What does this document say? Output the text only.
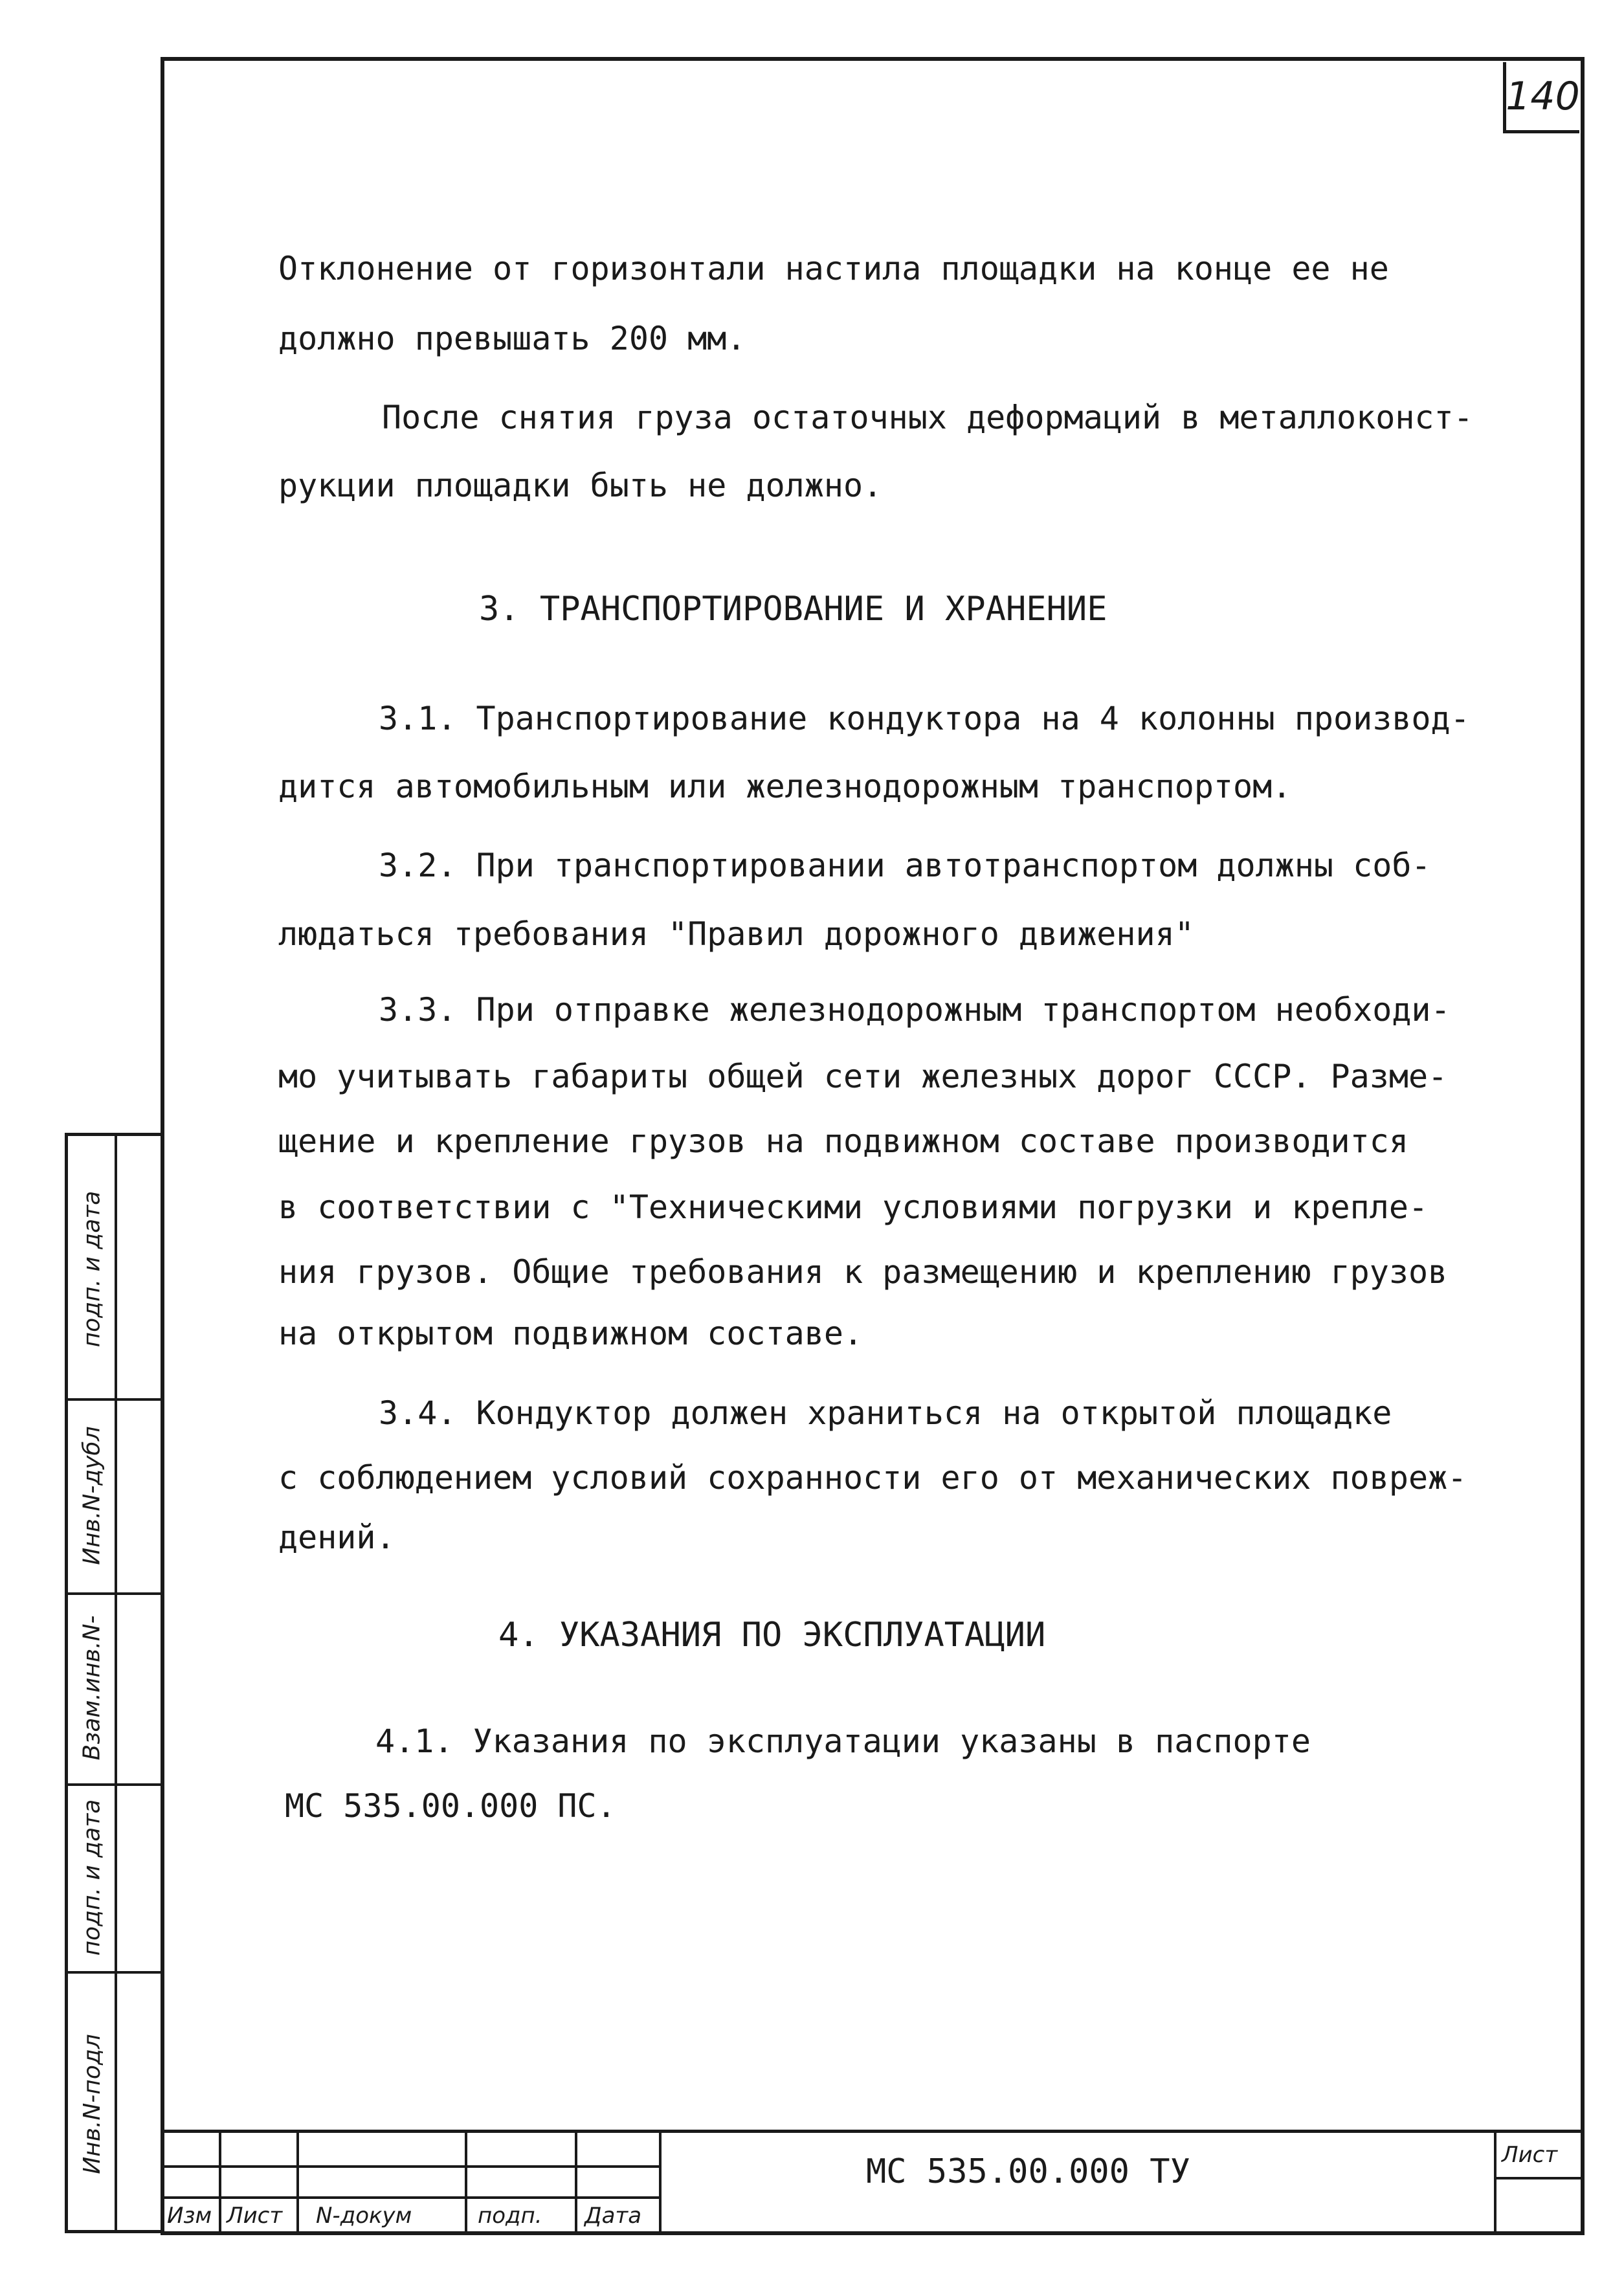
140
Отклонение от горизонтали настила площадки на конце ее не
должно превышать 200 мм.
После снятия груза остаточных деформаций в металлоконст-
рукции площадки быть не должно.
3. ТРАНСПОРТИРОВАНИЕ И ХРАНЕНИЕ
3.1. Транспортирование кондуктора на 4 колонны производ-
дится автомобильным или железнодорожным транспортом.
3.2. При транспортировании автотранспортом должны соб-
людаться требования "Правил дорожного движения"
3.3. При отправке железнодорожным транспортом необходи-
мо учитывать габариты общей сети железных дорог СССР. Разме-
щение и крепление грузов на подвижном составе производится
в соответствии с "Техническими условиями погрузки и крепле-
ния грузов. Общие требования к размещению и креплению грузов
на открытом подвижном составе.
3.4. Кондуктор должен храниться на открытой площадке
с соблюдением условий сохранности его от механических повреж-
дений.
4. УКАЗАНИЯ ПО ЭКСПЛУАТАЦИИ
4.1. Указания по эксплуатации указаны в паспорте
МС 535.00.000 ПС.
Инв.N-подл
подп. и дата
Взам.инв.N-
Инв.N-дубл
подп. и дата
Изм Лист N-докум	подп. Дата
МС 535.00.000 ТУ	Лист
